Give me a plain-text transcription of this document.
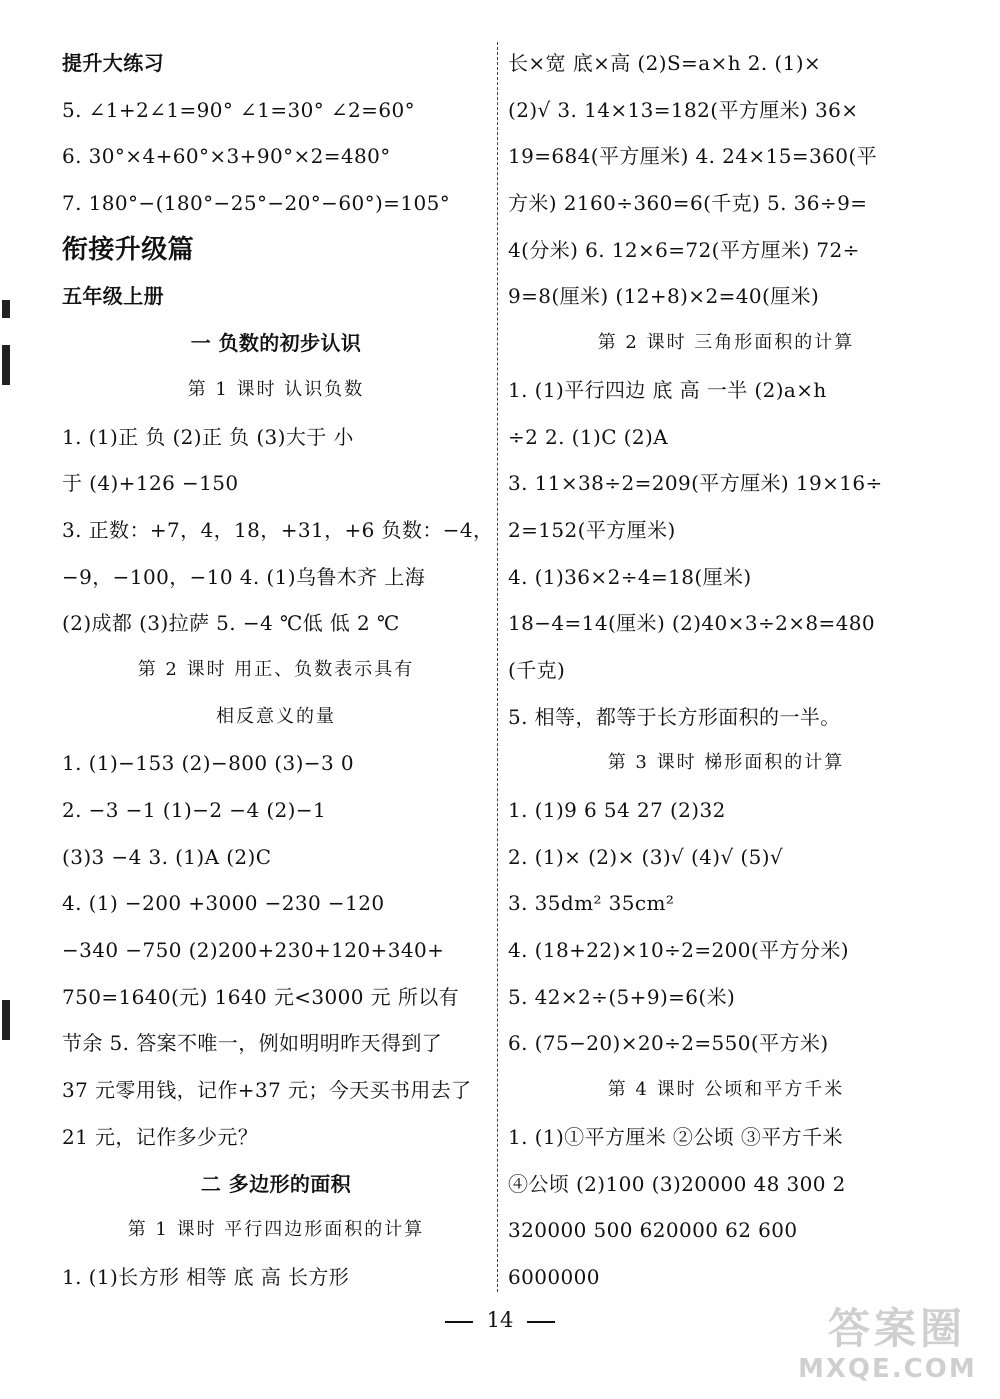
提升大练习
5. ∠1+2∠1=90° ∠1=30° ∠2=60°
6. 30°×4+60°×3+90°×2=480°
7. 180°−(180°−25°−20°−60°)=105°
衔接升级篇
五年级上册
一 负数的初步认识
第 1 课时 认识负数
1. (1)正 负 (2)正 负 (3)大于 小
于 (4)+126 −150
3. 正数：+7，4，18，+31，+6 负数：−4，
−9，−100，−10 4. (1)乌鲁木齐 上海
(2)成都 (3)拉萨 5. −4 ℃低 低 2 ℃
第 2 课时 用正、负数表示具有
相反意义的量
1. (1)−153 (2)−800 (3)−3 0
2. −3 −1 (1)−2 −4 (2)−1
(3)3 −4 3. (1)A (2)C
4. (1) −200 +3000 −230 −120
−340 −750 (2)200+230+120+340+
750=1640(元) 1640 元<3000 元 所以有
节余 5. 答案不唯一，例如明明昨天得到了
37 元零用钱，记作+37 元；今天买书用去了
21 元，记作多少元？
二 多边形的面积
第 1 课时 平行四边形面积的计算
1. (1)长方形 相等 底 高 长方形
长×宽 底×高 (2)S=a×h 2. (1)×
(2)√ 3. 14×13=182(平方厘米) 36×
19=684(平方厘米) 4. 24×15=360(平
方米) 2160÷360=6(千克) 5. 36÷9=
4(分米) 6. 12×6=72(平方厘米) 72÷
9=8(厘米) (12+8)×2=40(厘米)
第 2 课时 三角形面积的计算
1. (1)平行四边 底 高 一半 (2)a×h
÷2 2. (1)C (2)A
3. 11×38÷2=209(平方厘米) 19×16÷
2=152(平方厘米)
4. (1)36×2÷4=18(厘米)
18−4=14(厘米) (2)40×3÷2×8=480
(千克)
5. 相等，都等于长方形面积的一半。
第 3 课时 梯形面积的计算
1. (1)9 6 54 27 (2)32
2. (1)× (2)× (3)√ (4)√ (5)√
3. 35dm² 35cm²
4. (18+22)×10÷2=200(平方分米)
5. 42×2÷(5+9)=6(米)
6. (75−20)×20÷2=550(平方米)
第 4 课时 公顷和平方千米
1. (1)①平方厘米 ②公顷 ③平方千米
④公顷 (2)100 (3)20000 48 300 2
320000 500 620000 62 600
6000000
14	答案圈
MXQE.COM
